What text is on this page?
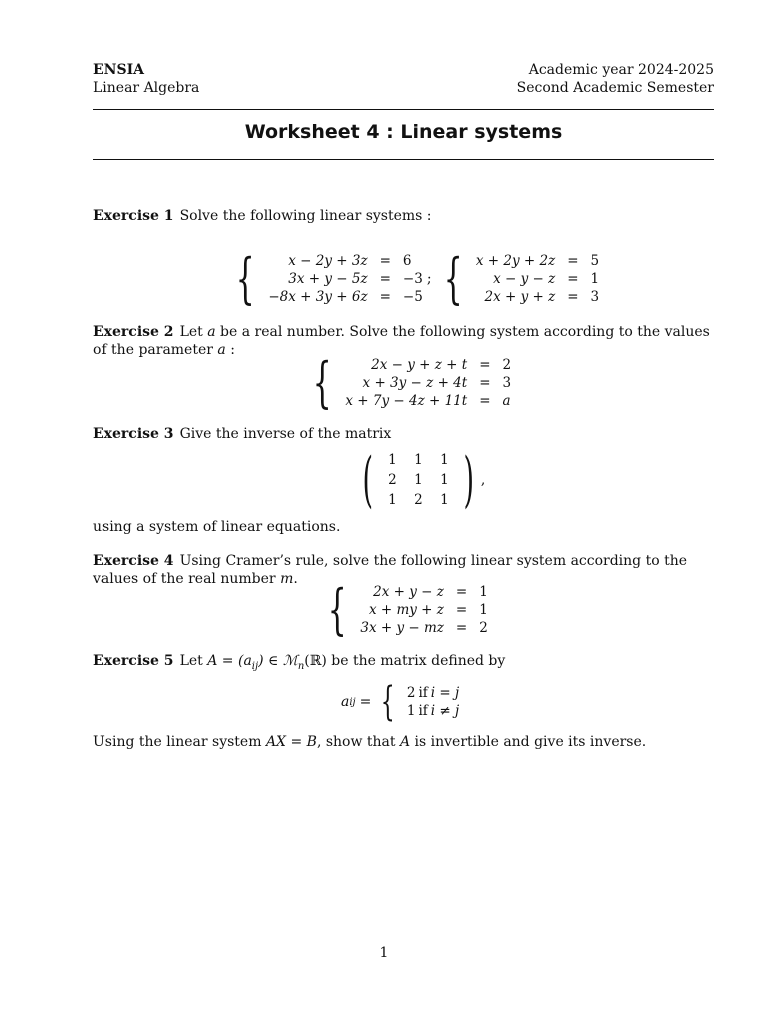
ENSIA
Linear Algebra
Academic year 2024-2025
Second Academic Semester
Worksheet 4 : Linear systems
Exercise 1 Solve the following linear systems :
{ x − 2y + 3z	=	6
3x + y − 5z	=	−3
−8x + 3y + 6z	=	−5
; { x + 2y + 2z	=	5
x − y − z	=	1
2x + y + z	=	3
Exercise 2 Let a be a real number. Solve the following system according to the values of the parameter a :
{	2x − y + z + t	=	2
x + 3y − z + 4t	=	3
x + 7y − 4z + 11t	=	a
Exercise 3 Give the inverse of the matrix
( 1	1	1
2	1	1
1	2	1 ) ,
using a system of linear equations.
Exercise 4 Using Cramer’s rule, solve the following linear system according to the values of the real number m. { 2x + y − z	=	1
x + my + z	=	1
3x + y − mz	=	2
Exercise 5 Let $A = (a_{ij})$ ∈ ℳ$_n$(ℝ) be the matrix defined by
a ij = { 2	if	i = j
1	if	i ≠ j
Using the linear system AX = B, show that A is invertible and give its inverse.
1
